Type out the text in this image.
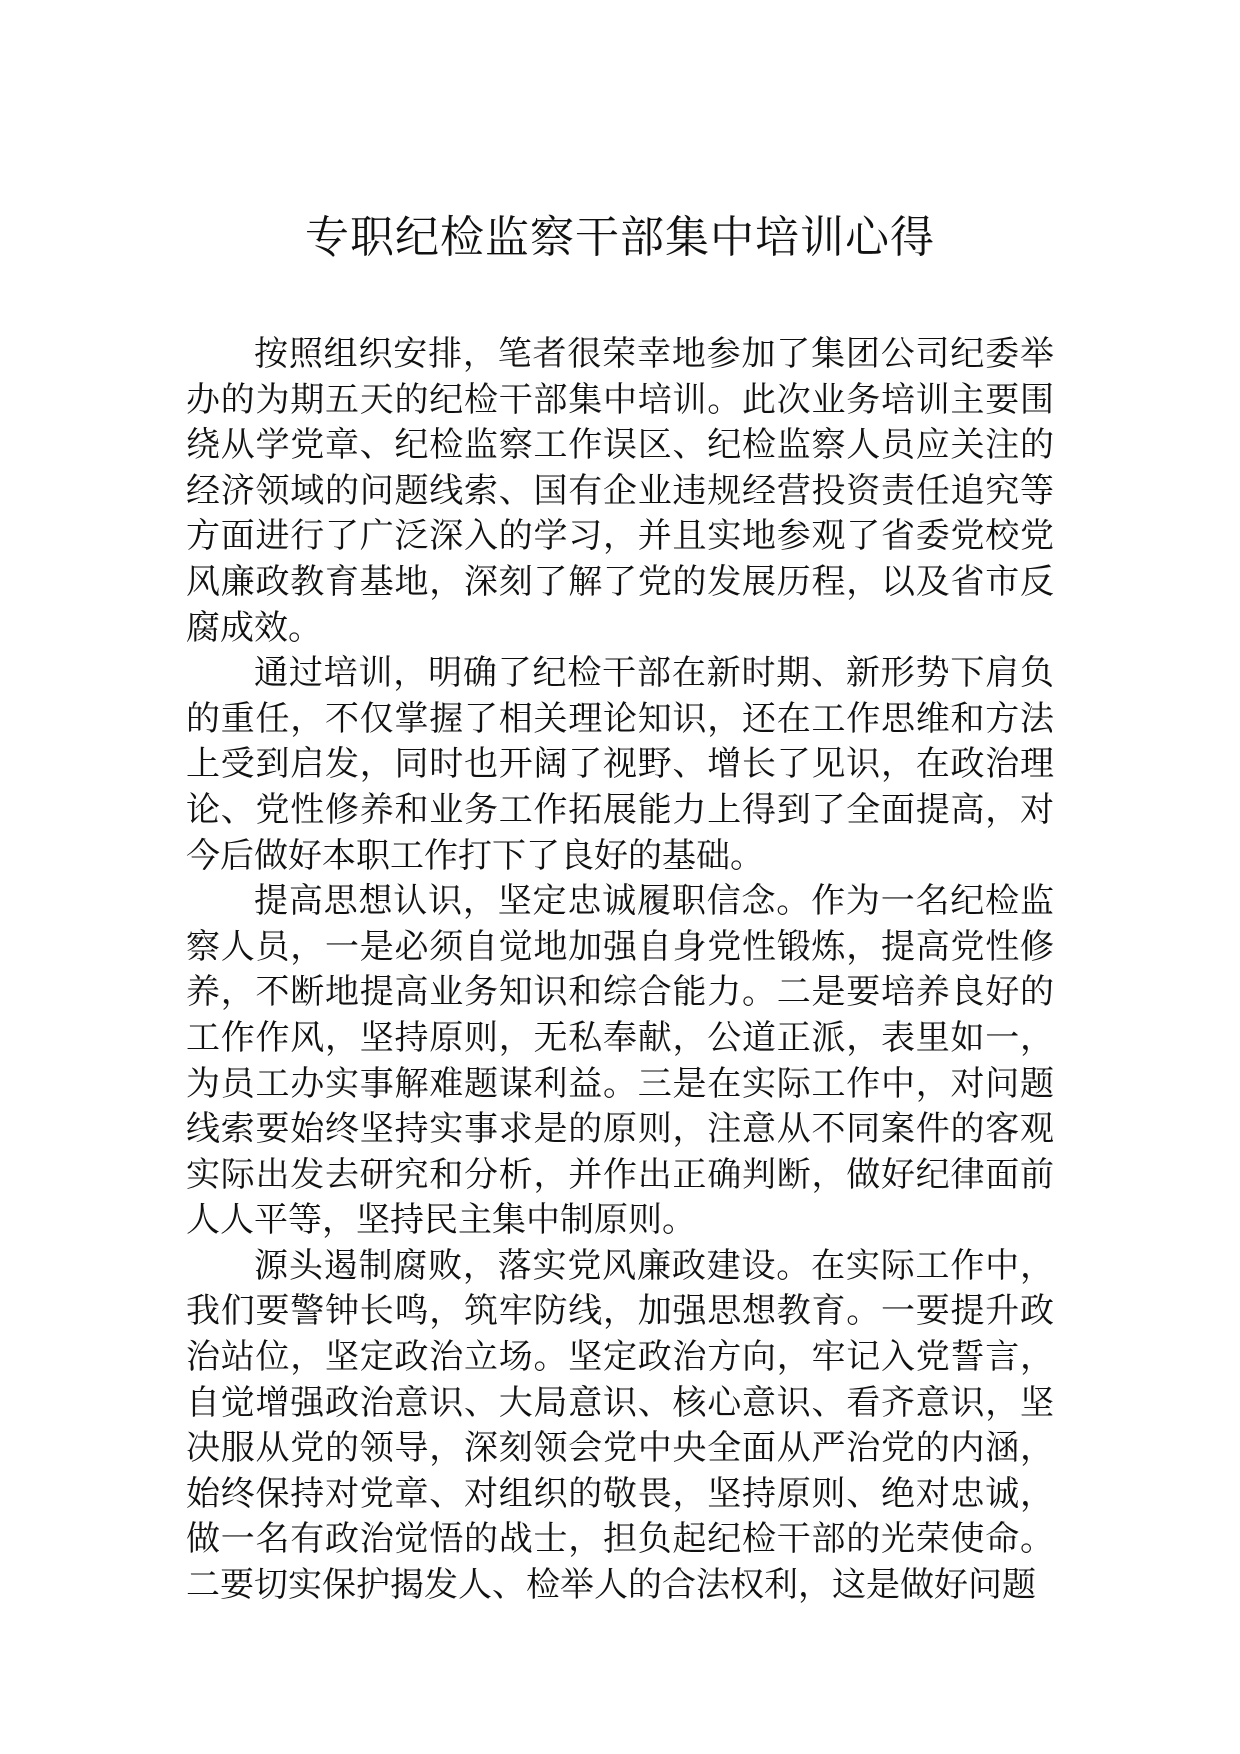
专职纪检监察干部集中培训心得

按照组织安排，笔者很荣幸地参加了集团公司纪委举办的为期五天的纪检干部集中培训。此次业务培训主要围绕从学党章、纪检监察工作误区、纪检监察人员应关注的经济领域的问题线索、国有企业违规经营投资责任追究等方面进行了广泛深入的学习，并且实地参观了省委党校党风廉政教育基地，深刻了解了党的发展历程，以及省市反腐成效。

通过培训，明确了纪检干部在新时期、新形势下肩负的重任，不仅掌握了相关理论知识，还在工作思维和方法上受到启发，同时也开阔了视野、增长了见识，在政治理论、党性修养和业务工作拓展能力上得到了全面提高，对今后做好本职工作打下了良好的基础。

提高思想认识，坚定忠诚履职信念。作为一名纪检监察人员，一是必须自觉地加强自身党性锻炼，提高党性修养，不断地提高业务知识和综合能力。二是要培养良好的工作作风，坚持原则，无私奉献，公道正派，表里如一，为员工办实事解难题谋利益。三是在实际工作中，对问题线索要始终坚持实事求是的原则，注意从不同案件的客观实际出发去研究和分析，并作出正确判断，做好纪律面前人人平等，坚持民主集中制原则。

源头遏制腐败，落实党风廉政建设。在实际工作中，我们要警钟长鸣，筑牢防线，加强思想教育。一要提升政治站位，坚定政治立场。坚定政治方向，牢记入党誓言，自觉增强政治意识、大局意识、核心意识、看齐意识，坚决服从党的领导，深刻领会党中央全面从严治党的内涵，始终保持对党章、对组织的敬畏，坚持原则、绝对忠诚，做一名有政治觉悟的战士，担负起纪检干部的光荣使命。二要切实保护揭发人、检举人的合法权利，这是做好问题
